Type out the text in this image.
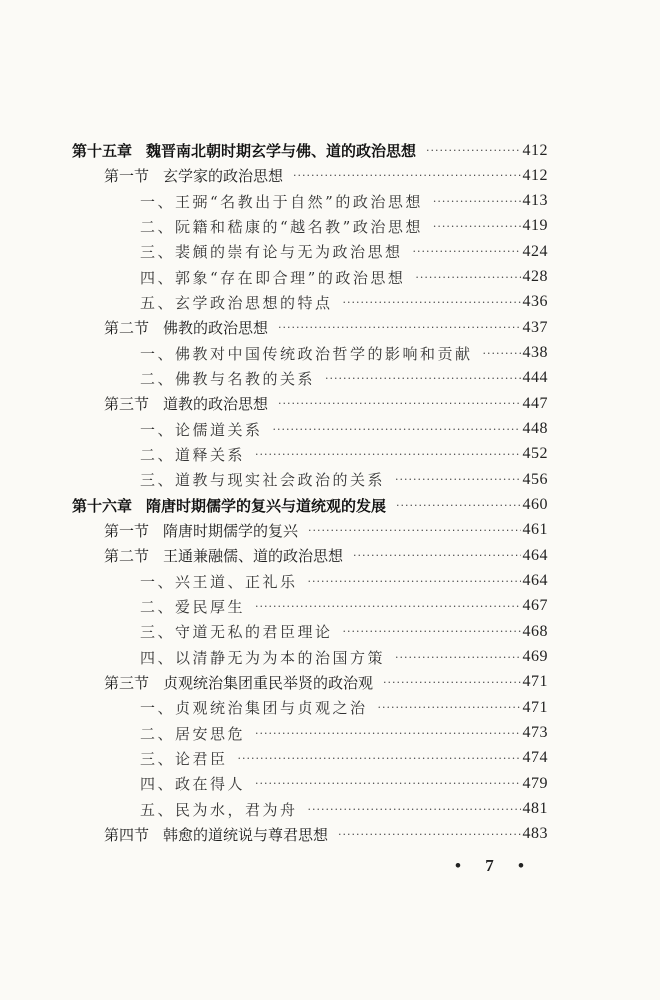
第十五章 魏晋南北朝时期玄学与佛、道的政治思想 ·····	412
第一节 玄学家的政治思想 ·····	412
一、王弼“名教出于自然”的政治思想 ·····	413
二、阮籍和嵇康的“越名教”政治思想 ·····	419
三、裴頠的崇有论与无为政治思想 ·····	424
四、郭象“存在即合理”的政治思想 ·····	428
五、玄学政治思想的特点 ·····	436
第二节 佛教的政治思想 ·····	437
一、佛教对中国传统政治哲学的影响和贡献 ·····	438
二、佛教与名教的关系 ·····	444
第三节 道教的政治思想 ·····	447
一、论儒道关系 ·····	448
二、道释关系 ·····	452
三、道教与现实社会政治的关系 ·····	456
第十六章 隋唐时期儒学的复兴与道统观的发展 ·····	460
第一节 隋唐时期儒学的复兴 ·····	461
第二节 王通兼融儒、道的政治思想 ·····	464
一、兴王道、正礼乐 ·····	464
二、爱民厚生 ·····	467
三、守道无私的君臣理论 ·····	468
四、以清静无为为本的治国方策 ·····	469
第三节 贞观统治集团重民举贤的政治观 ·····	471
一、贞观统治集团与贞观之治 ·····	471
二、居安思危 ·····	473
三、论君臣 ·····	474
四、政在得人 ·····	479
五、民为水，君为舟 ·····	481
第四节 韩愈的道统说与尊君思想 ·····	483
• 7 •
